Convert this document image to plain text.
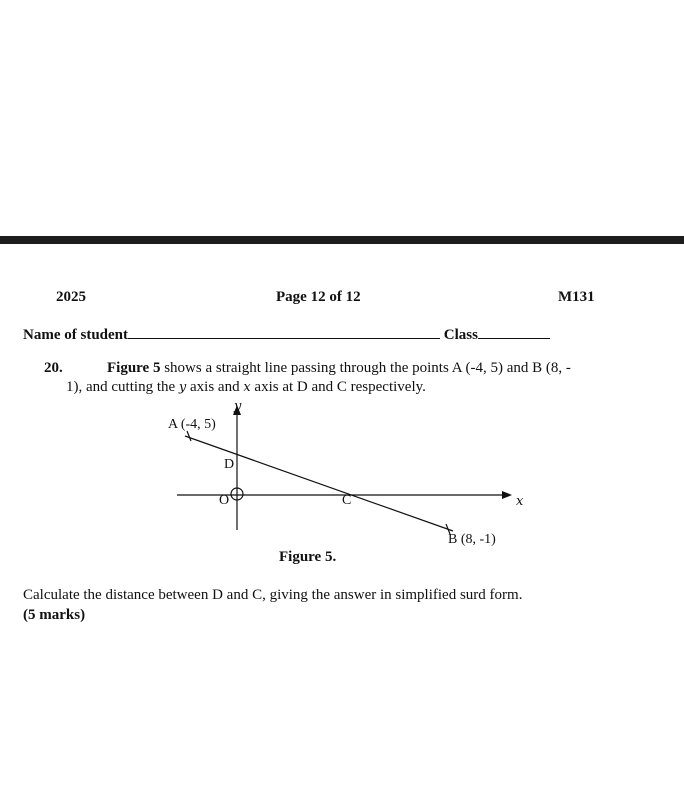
2025	Page 12 of 12	M131
Name of student	Class
20.	Figure 5 shows a straight line passing through the points A (-4, 5) and B (8, -
1), and cutting the y axis and x axis at D and C respectively.
A (-4, 5)
D
O	C
B (8, -1)
x
y
Figure 5.
Calculate the distance between D and C, giving the answer in simplified surd form.
(5 marks)
